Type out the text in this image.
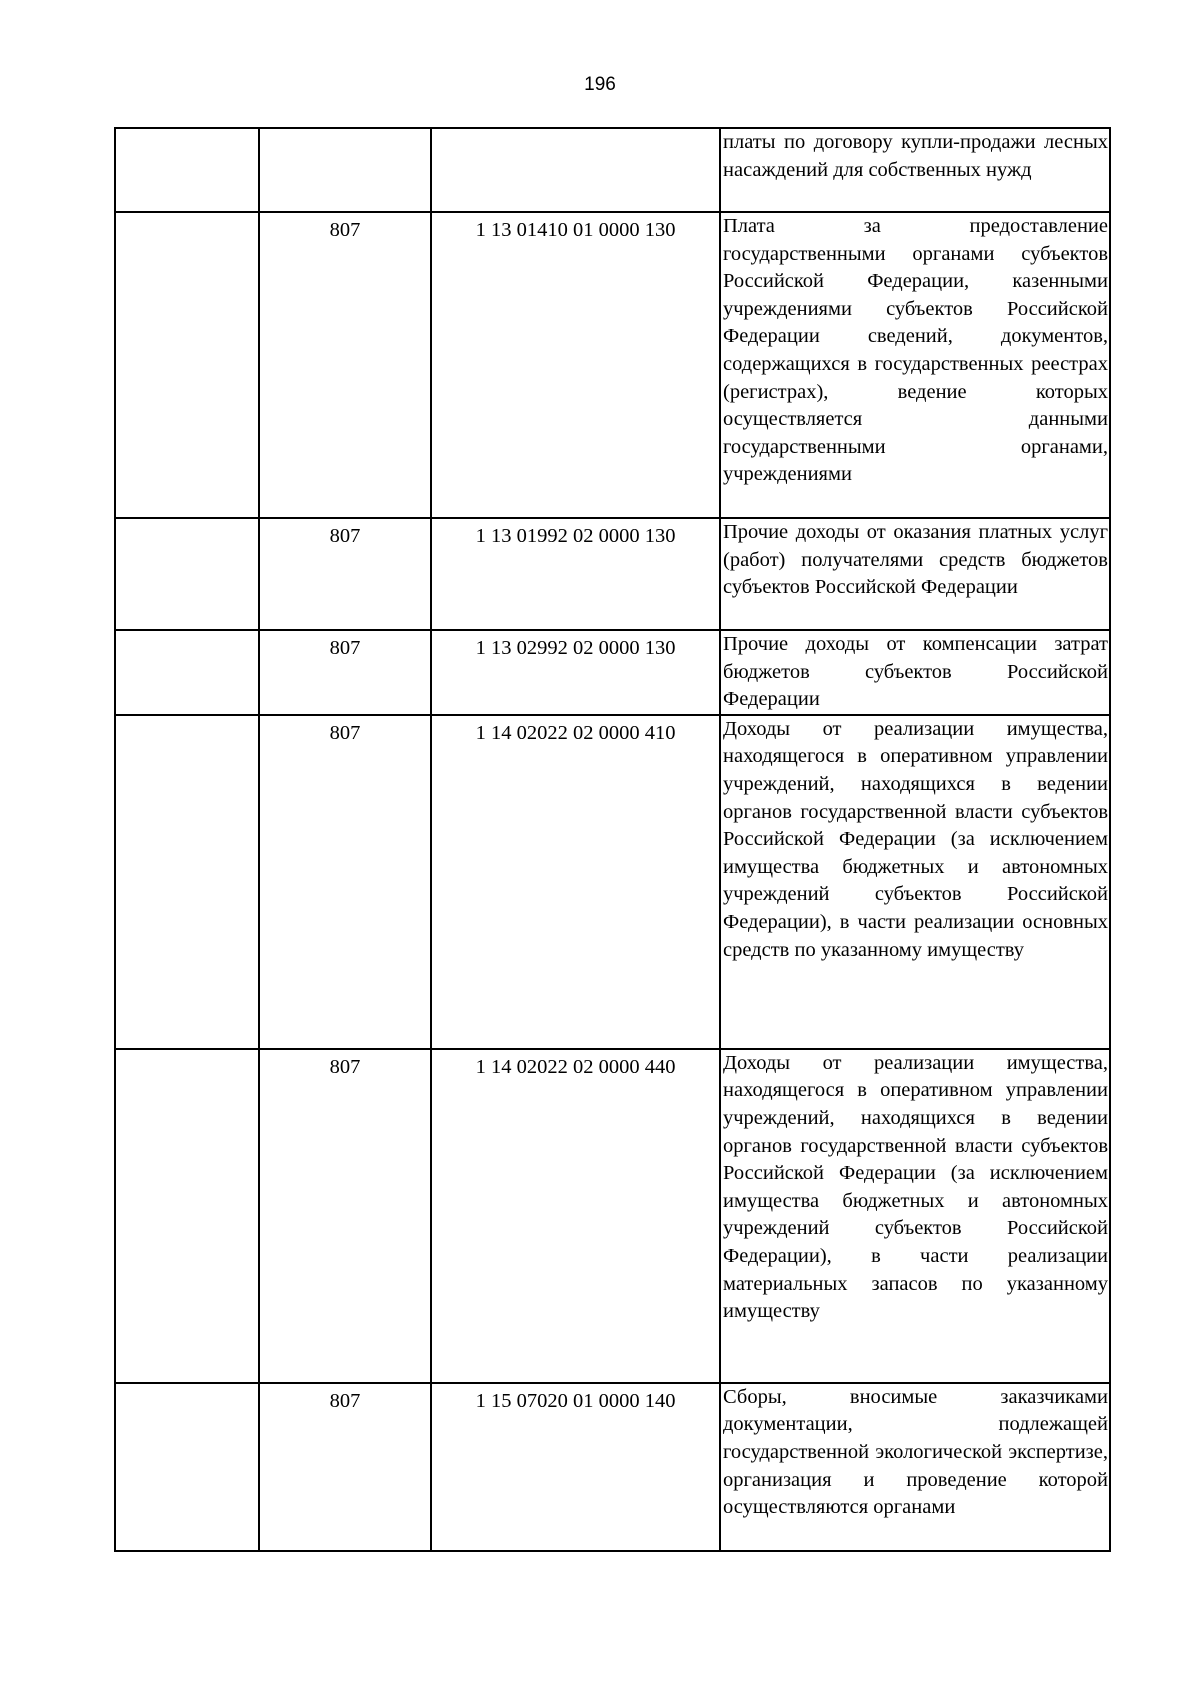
196

			платы по договору купли-продажи лесных насаждений для собственных нужд

	807	1 13 01410 01 0000 130	Плата за предоставление государственными органами субъектов Российской Федерации, казенными учреждениями субъектов Российской Федерации сведений, документов, содержащихся в государственных реестрах (регистрах), ведение которых осуществляется данными государственными органами, учреждениями

	807	1 13 01992 02 0000 130	Прочие доходы от оказания платных услуг (работ) получателями средств бюджетов субъектов Российской Федерации

	807	1 13 02992 02 0000 130	Прочие доходы от компенсации затрат бюджетов субъектов Российской Федерации

	807	1 14 02022 02 0000 410	Доходы от реализации имущества, находящегося в оперативном управлении учреждений, находящихся в ведении органов государственной власти субъектов Российской Федерации (за исключением имущества бюджетных и автономных учреждений субъектов Российской Федерации), в части реализации основных средств по указанному имуществу

	807	1 14 02022 02 0000 440	Доходы от реализации имущества, находящегося в оперативном управлении учреждений, находящихся в ведении органов государственной власти субъектов Российской Федерации (за исключением имущества бюджетных и автономных учреждений субъектов Российской Федерации), в части реализации материальных запасов по указанному имуществу

	807	1 15 07020 01 0000 140	Сборы, вносимые заказчиками документации, подлежащей государственной экологической экспертизе, организация и проведение которой осуществляются органами
